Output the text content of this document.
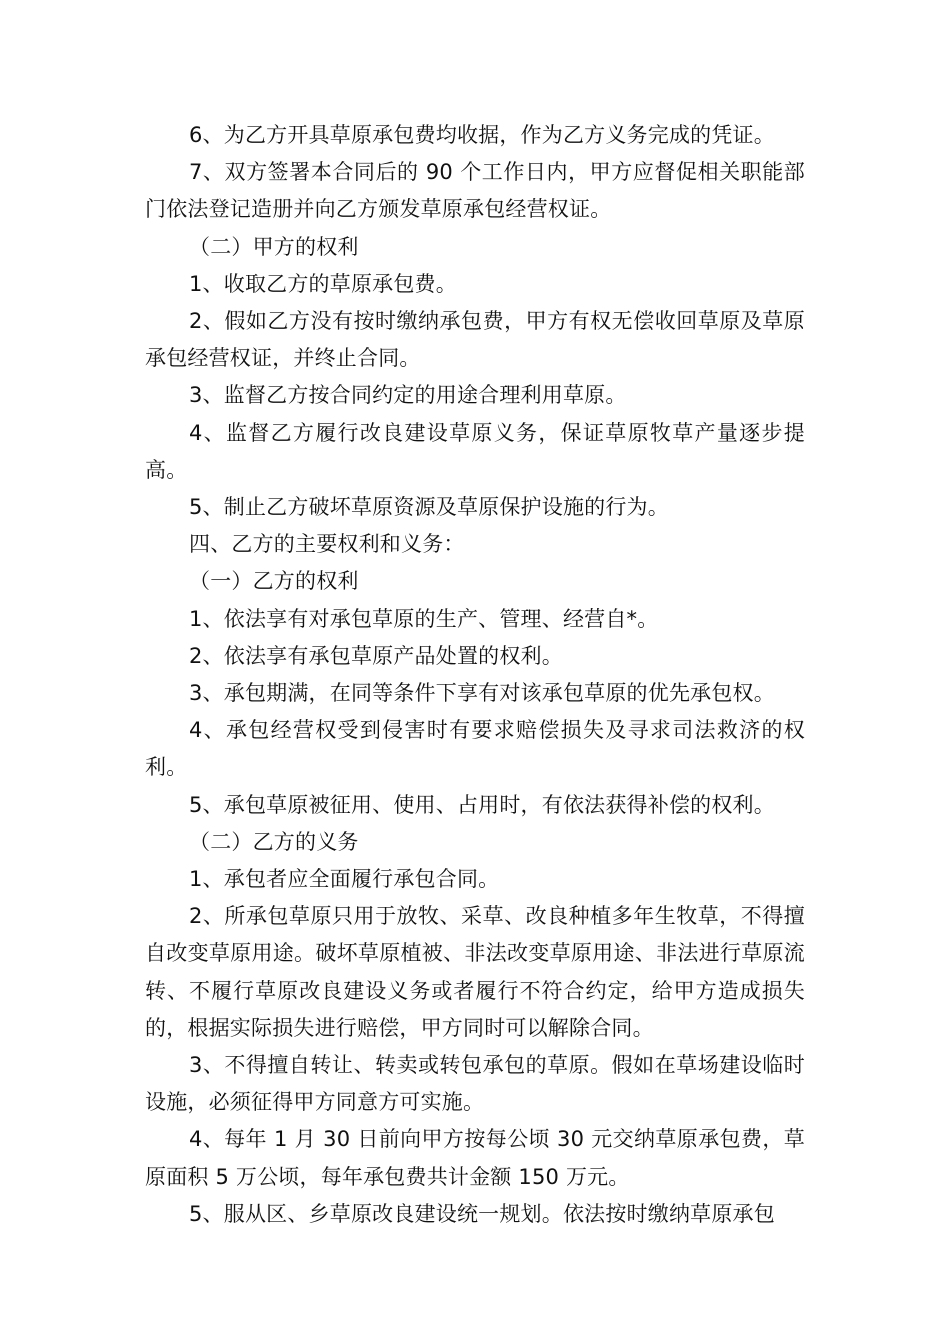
6、为乙方开具草原承包费均收据，作为乙方义务完成的凭证。

7、双方签署本合同后的 90 个工作日内，甲方应督促相关职能部门依法登记造册并向乙方颁发草原承包经营权证。

（二）甲方的权利

1、收取乙方的草原承包费。

2、假如乙方没有按时缴纳承包费，甲方有权无偿收回草原及草原承包经营权证，并终止合同。

3、监督乙方按合同约定的用途合理利用草原。

4、监督乙方履行改良建设草原义务，保证草原牧草产量逐步提高。

5、制止乙方破坏草原资源及草原保护设施的行为。

四、乙方的主要权利和义务：

（一）乙方的权利

1、依法享有对承包草原的生产、管理、经营自*。

2、依法享有承包草原产品处置的权利。

3、承包期满，在同等条件下享有对该承包草原的优先承包权。

4、承包经营权受到侵害时有要求赔偿损失及寻求司法救济的权利。

5、承包草原被征用、使用、占用时，有依法获得补偿的权利。

（二）乙方的义务

1、承包者应全面履行承包合同。

2、所承包草原只用于放牧、采草、改良种植多年生牧草，不得擅自改变草原用途。破坏草原植被、非法改变草原用途、非法进行草原流转、不履行草原改良建设义务或者履行不符合约定，给甲方造成损失的，根据实际损失进行赔偿，甲方同时可以解除合同。

3、不得擅自转让、转卖或转包承包的草原。假如在草场建设临时设施，必须征得甲方同意方可实施。

4、每年 1 月 30 日前向甲方按每公顷 30 元交纳草原承包费，草原面积 5 万公顷，每年承包费共计金额 150 万元。

5、服从区、乡草原改良建设统一规划。依法按时缴纳草原承包
